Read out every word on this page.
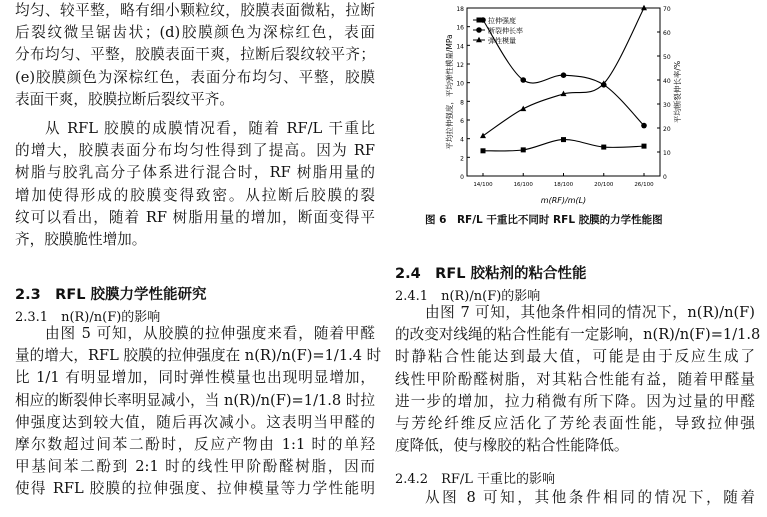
均匀、较平整，略有细小颗粒纹，胶膜表面微粘，拉断
后裂纹微呈锯齿状；(d)胶膜颜色为深棕红色，表面
分布均匀、平整，胶膜表面干爽，拉断后裂纹较平齐；
(e)胶膜颜色为深棕红色，表面分布均匀、平整，胶膜
表面干爽，胶膜拉断后裂纹平齐。
从 RFL 胶膜的成膜情况看，随着 RF/L 干重比
的增大，胶膜表面分布均匀性得到了提高。因为 RF
树脂与胶乳高分子体系进行混合时，RF 树脂用量的
增加使得形成的胶膜变得致密。从拉断后胶膜的裂
纹可以看出，随着 RF 树脂用量的增加，断面变得平
齐，胶膜脆性增加。
2.3　RFL 胶膜力学性能研究
2.3.1　n(R)/n(F)的影响
由图 5 可知，从胶膜的拉伸强度来看，随着甲醛
量的增大，RFL 胶膜的拉伸强度在 n(R)/n(F)=1/1.4 时
比 1/1 有明显增加，同时弹性模量也出现明显增加，
相应的断裂伸长率明显减小，当 n(R)/n(F)=1/1.8 时拉
伸强度达到较大值，随后再次减小。这表明当甲醛的
摩尔数超过间苯二酚时，反应产物由 1:1 时的单羟
甲基间苯二酚到 2:1 时的线性甲阶酚醛树脂，因而
使得 RFL 胶膜的拉伸强度、拉伸模量等力学性能明
0
2
4
6
8
10
12
14
16
18
0
10
20
30
40
50
60
70
14/100	16/100	18/100	20/100	26/100
m(RF)/m(L)
平均拉伸强度，平均弹性模量/MPa	平均断裂伸长率/%
拉伸强度
断裂伸长率
弹性模量
图 6　RF/L 干重比不同时 RFL 胶膜的力学性能图
2.4　RFL 胶粘剂的粘合性能
2.4.1　n(R)/n(F)的影响
由图 7 可知，其他条件相同的情况下，n(R)/n(F)
的改变对线绳的粘合性能有一定影响，n(R)/n(F)=1/1.8
时静粘合性能达到最大值，可能是由于反应生成了
线性甲阶酚醛树脂，对其粘合性能有益，随着甲醛量
进一步的增加，拉力稍微有所下降。因为过量的甲醛
与芳纶纤维反应活化了芳纶表面性能，导致拉伸强
度降低，使与橡胶的粘合性能降低。
2.4.2　RF/L 干重比的影响
从图 8 可知，其他条件相同的情况下，随着
